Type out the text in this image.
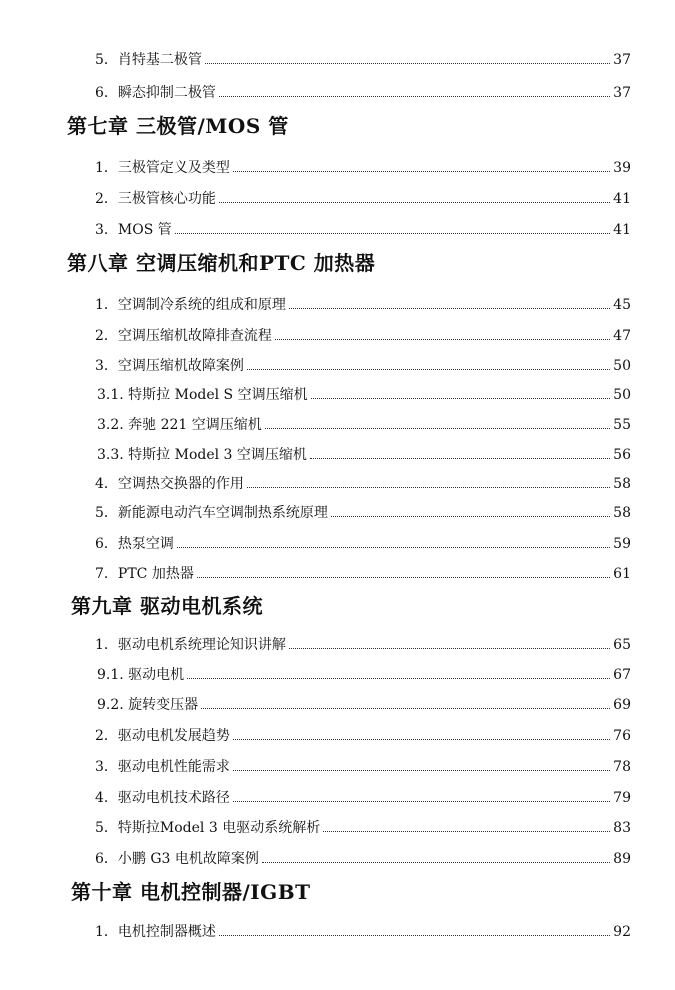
5．肖特基二极管	37
6．瞬态抑制二极管	37
第七章 三极管/MOS 管
1．三极管定义及类型	39
2．三极管核心功能	41
3．MOS 管	41
第八章 空调压缩机和PTC 加热器
1．空调制冷系统的组成和原理	45
2．空调压缩机故障排查流程	47
3．空调压缩机故障案例	50
3.1. 特斯拉 Model S 空调压缩机	50
3.2. 奔驰 221 空调压缩机	55
3.3. 特斯拉 Model 3 空调压缩机	56
4．空调热交换器的作用	58
5．新能源电动汽车空调制热系统原理	58
6．热泵空调	59
7．PTC 加热器	61
第九章 驱动电机系统
1．驱动电机系统理论知识讲解	65
9.1. 驱动电机	67
9.2. 旋转变压器	69
2．驱动电机发展趋势	76
3．驱动电机性能需求	78
4．驱动电机技术路径	79
5．特斯拉Model 3 电驱动系统解析	83
6．小鹏 G3 电机故障案例	89
第十章 电机控制器/IGBT
1．电机控制器概述	92
